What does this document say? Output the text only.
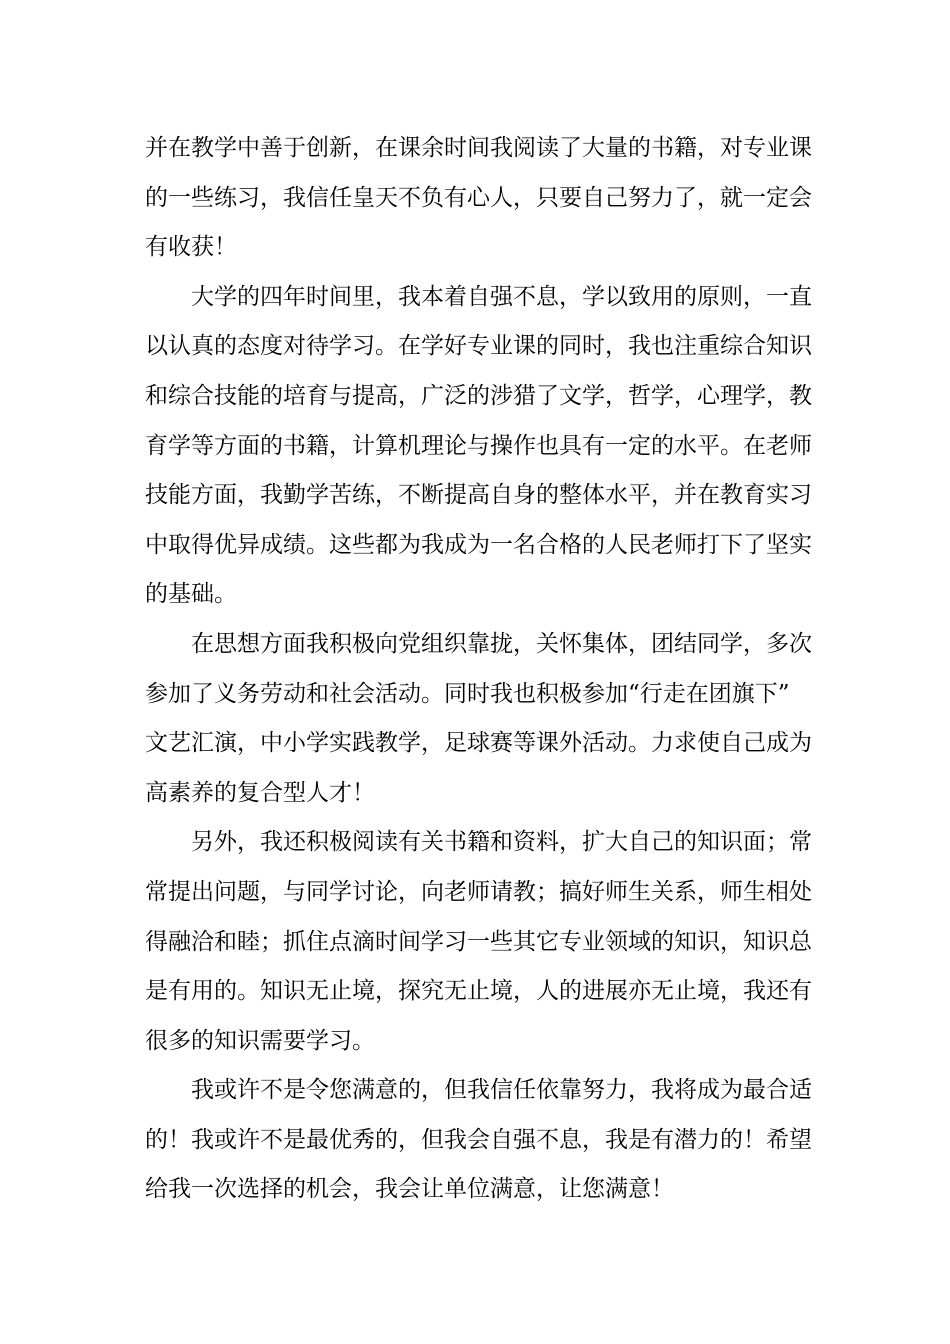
并在教学中善于创新，在课余时间我阅读了大量的书籍，对专业课
的一些练习，我信任皇天不负有心人，只要自己努力了，就一定会
有收获！
大学的四年时间里，我本着自强不息，学以致用的原则，一直
以认真的态度对待学习。在学好专业课的同时，我也注重综合知识
和综合技能的培育与提高，广泛的涉猎了文学，哲学，心理学，教
育学等方面的书籍，计算机理论与操作也具有一定的水平。在老师
技能方面，我勤学苦练，不断提高自身的整体水平，并在教育实习
中取得优异成绩。这些都为我成为一名合格的人民老师打下了坚实
的基础。
在思想方面我积极向党组织靠拢，关怀集体，团结同学，多次
参加了义务劳动和社会活动。同时我也积极参加“行走在团旗下”
文艺汇演，中小学实践教学，足球赛等课外活动。力求使自己成为
高素养的复合型人才！
另外，我还积极阅读有关书籍和资料，扩大自己的知识面；常
常提出问题，与同学讨论，向老师请教；搞好师生关系，师生相处
得融洽和睦；抓住点滴时间学习一些其它专业领域的知识，知识总
是有用的。知识无止境，探究无止境，人的进展亦无止境，我还有
很多的知识需要学习。
我或许不是令您满意的，但我信任依靠努力，我将成为最合适
的！我或许不是最优秀的，但我会自强不息，我是有潜力的！希望
给我一次选择的机会，我会让单位满意，让您满意！
